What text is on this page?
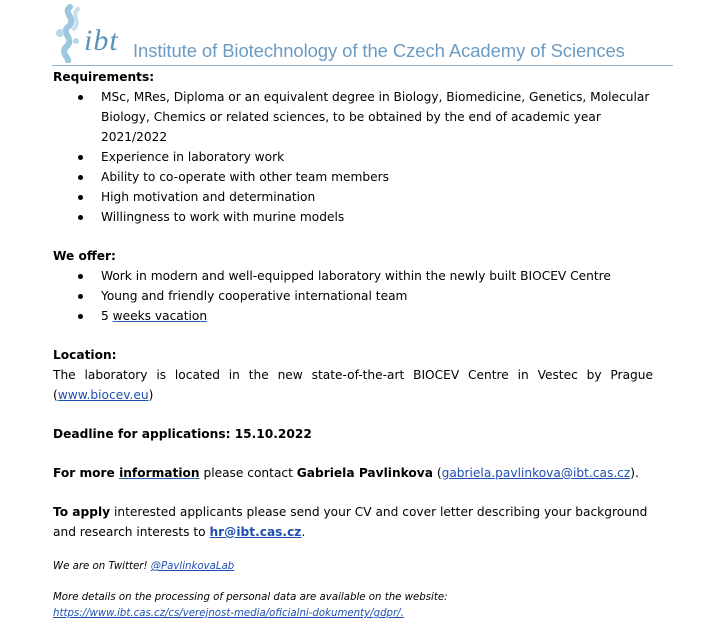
ibt Institute of Biotechnology of the Czech Academy of Sciences
Requirements:
MSc, MRes, Diploma or an equivalent degree in Biology, Biomedicine, Genetics, Molecular Biology, Chemics or related sciences, to be obtained by the end of academic year 2021/2022
Experience in laboratory work
Ability to co-operate with other team members
High motivation and determination
Willingness to work with murine models
We offer:
Work in modern and well-equipped laboratory within the newly built BIOCEV Centre
Young and friendly cooperative international team
5 weeks vacation
Location:
The laboratory is located in the new state-of-the-art BIOCEV Centre in Vestec by Prague
(www.biocev.eu)
Deadline for applications: 15.10.2022
For more information please contact Gabriela Pavlinkova (gabriela.pavlinkova@ibt.cas.cz).
To apply interested applicants please send your CV and cover letter describing your background and research interests to hr@ibt.cas.cz.
We are on Twitter! @PavlinkovaLab
More details on the processing of personal data are available on the website:
https://www.ibt.cas.cz/cs/verejnost-media/oficialni-dokumenty/gdpr/.
